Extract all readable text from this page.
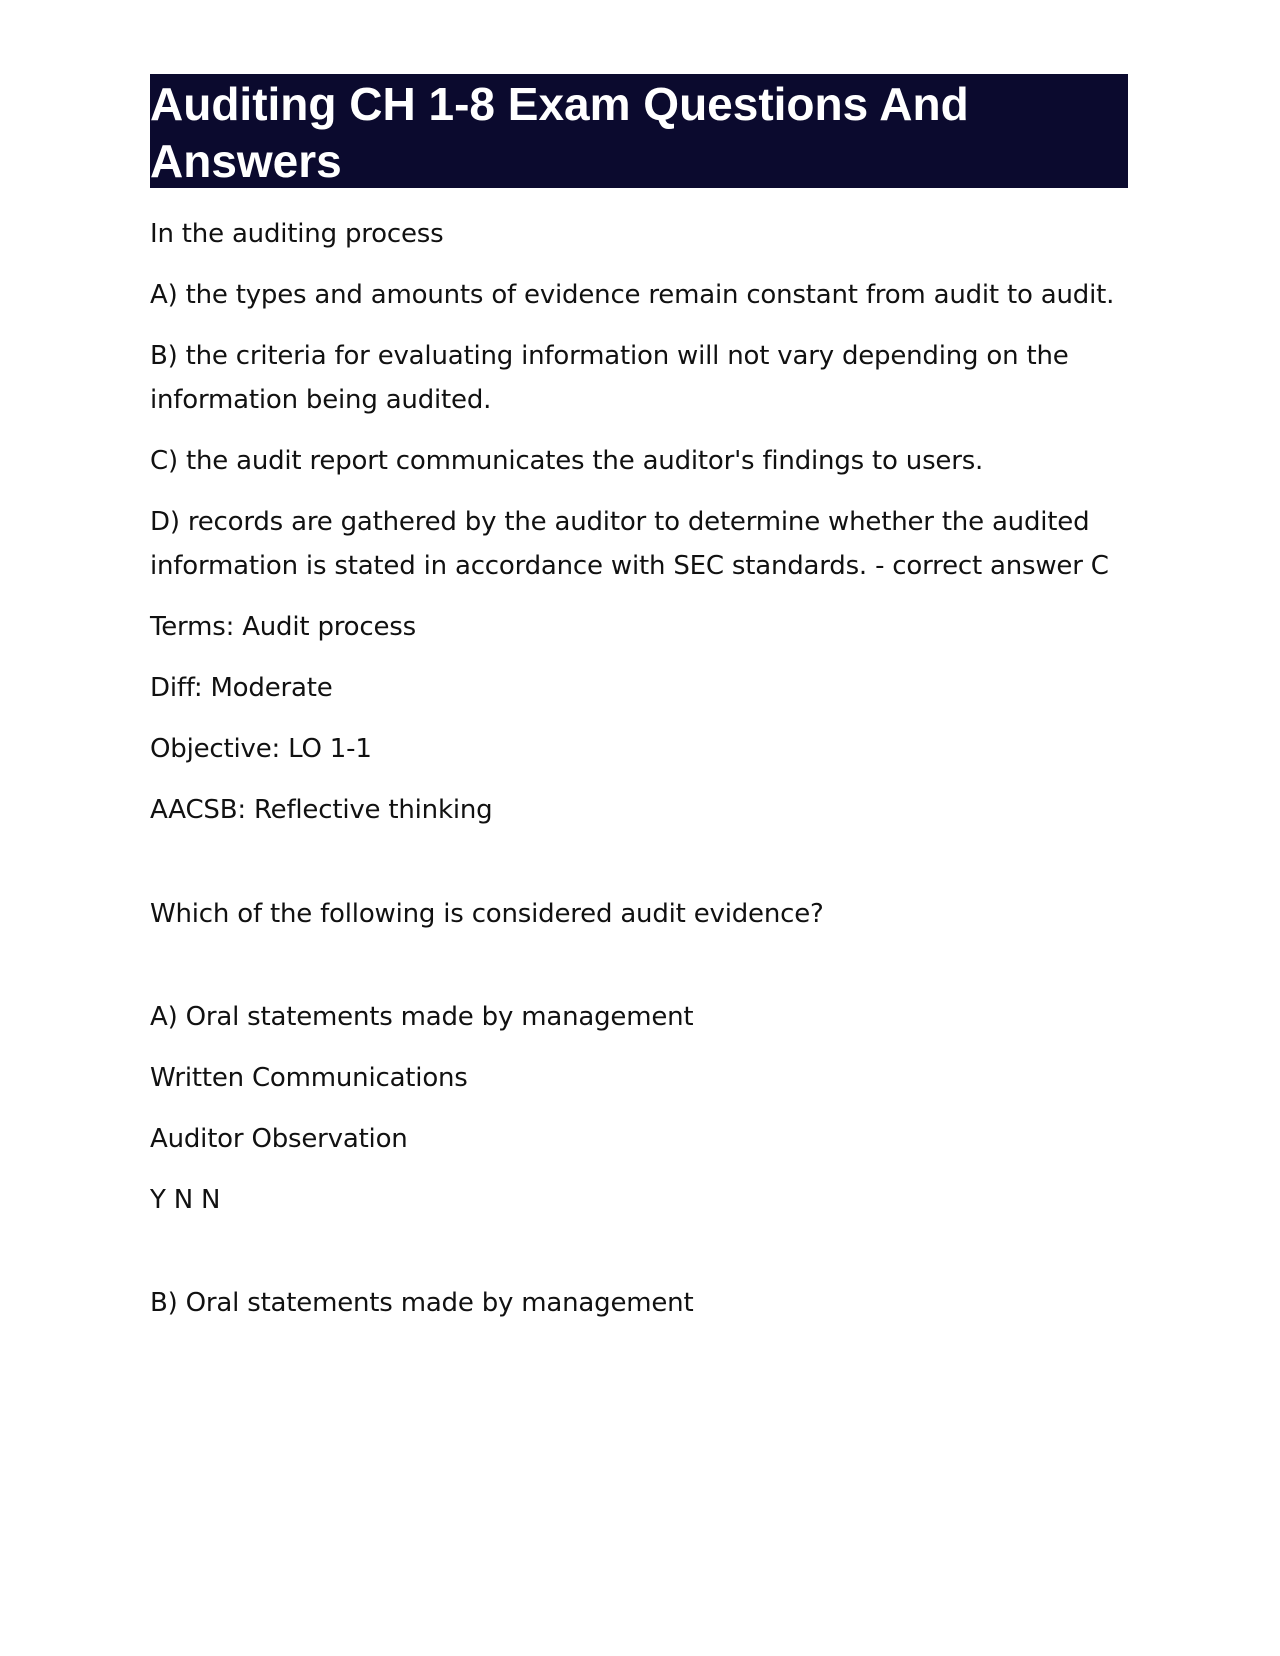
Auditing CH 1-8 Exam Questions And Answers

In the auditing process

A) the types and amounts of evidence remain constant from audit to audit.

B) the criteria for evaluating information will not vary depending on the information being audited.

C) the audit report communicates the auditor's findings to users.

D) records are gathered by the auditor to determine whether the audited information is stated in accordance with SEC standards. - correct answer C

Terms: Audit process

Diff: Moderate

Objective: LO 1-1

AACSB: Reflective thinking

Which of the following is considered audit evidence?

A) Oral statements made by management

Written Communications

Auditor Observation

Y N N

B) Oral statements made by management
